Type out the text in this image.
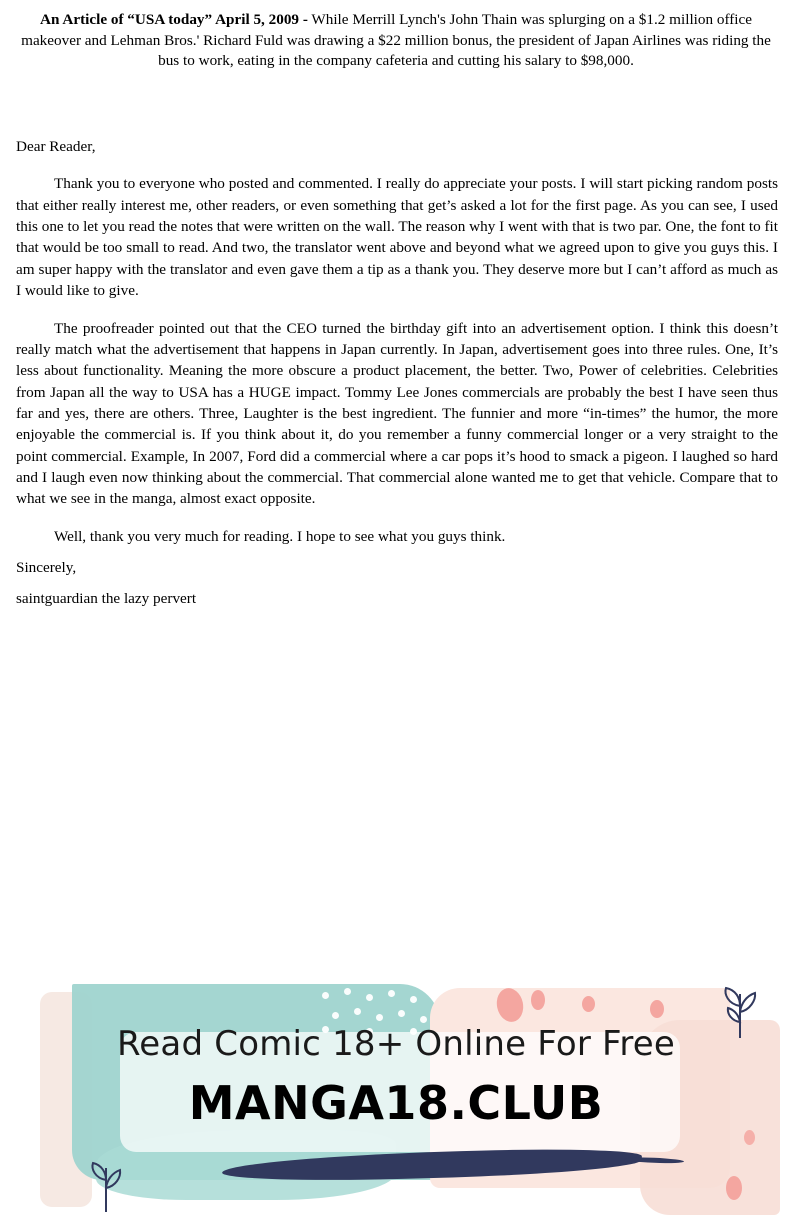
An Article of “USA today” April 5, 2009 - While Merrill Lynch's John Thain was splurging on a $1.2 million office makeover and Lehman Bros.' Richard Fuld was drawing a $22 million bonus, the president of Japan Airlines was riding the bus to work, eating in the company cafeteria and cutting his salary to $98,000.

Dear Reader,

Thank you to everyone who posted and commented. I really do appreciate your posts. I will start picking random posts that either really interest me, other readers, or even something that get’s asked a lot for the first page. As you can see, I used this one to let you read the notes that were written on the wall. The reason why I went with that is two par. One, the font to fit that would be too small to read. And two, the translator went above and beyond what we agreed upon to give you guys this. I am super happy with the translator and even gave them a tip as a thank you. They deserve more but I can’t afford as much as I would like to give.

The proofreader pointed out that the CEO turned the birthday gift into an advertisement option. I think this doesn’t really match what the advertisement that happens in Japan currently. In Japan, advertisement goes into three rules. One, It’s less about functionality. Meaning the more obscure a product placement, the better. Two, Power of celebrities. Celebrities from Japan all the way to USA has a HUGE impact. Tommy Lee Jones commercials are probably the best I have seen thus far and yes, there are others. Three, Laughter is the best ingredient. The funnier and more “in-times” the humor, the more enjoyable the commercial is. If you think about it, do you remember a funny commercial longer or a very straight to the point commercial. Example, In 2007, Ford did a commercial where a car pops it’s hood to smack a pigeon. I laughed so hard and I laugh even now thinking about the commercial. That commercial alone wanted me to get that vehicle. Compare that to what we see in the manga, almost exact opposite.

Well, thank you very much for reading. I hope to see what you guys think.

Sincerely,

saintguardian the lazy pervert

Read Comic 18+ Online For Free
MANGA18.CLUB
